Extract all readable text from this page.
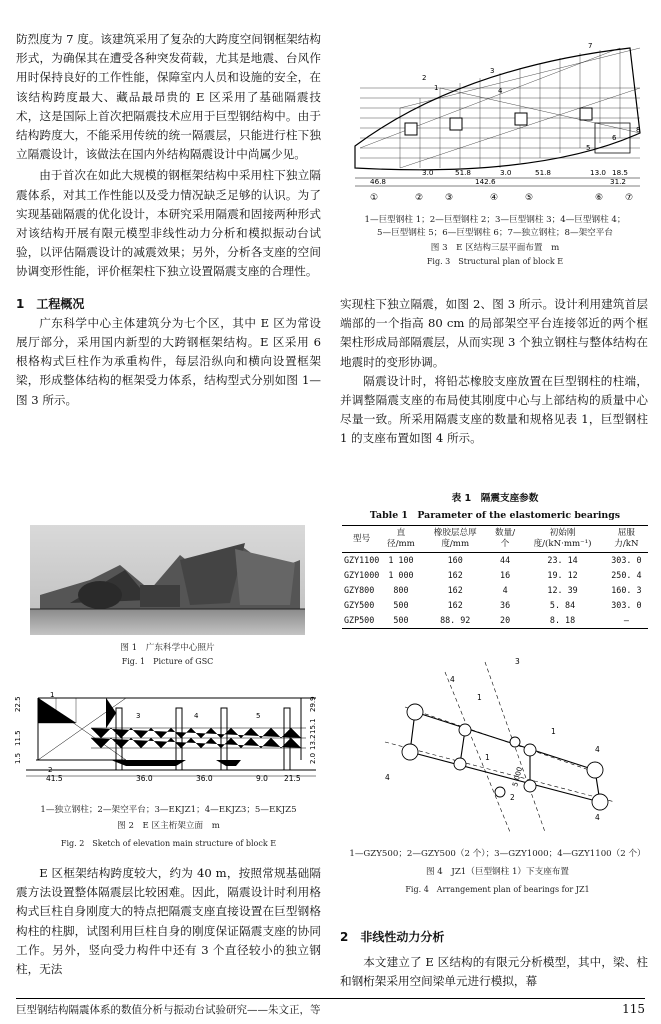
防烈度为 7 度。该建筑采用了复杂的大跨度空间钢框架结构形式，为确保其在遭受各种突发荷载，尤其是地震、台风作用时保持良好的工作性能，保障室内人员和设施的安全，在该结构跨度最大、藏品最昂贵的 E 区采用了基础隔震技术，这是国际上首次把隔震技术应用于巨型钢结构中。由于结构跨度大，不能采用传统的统一隔震层，只能进行柱下独立隔震设计，该做法在国内外结构隔震设计中尚属少见。

由于首次在如此大规模的钢框架结构中采用柱下独立隔震体系，对其工作性能以及受力情况缺乏足够的认识。为了实现基础隔震的优化设计，本研究采用隔震和固接两种形式对该结构开展有限元模型非线性动力分析和模拟振动台试验，以评估隔震设计的减震效果；另外，分析各支座的空间协调变形性能，评价框架柱下独立设置隔震支座的合理性。

1　工程概况

广东科学中心主体建筑分为七个区，其中 E 区为常设展厅部分，采用国内新型的大跨钢框架结构。E 区采用 6 根格构式巨柱作为承重构件，每层沿纵向和横向设置框架梁，形成整体结构的框架受力体系，结构型式分别如图 1—图 3 所示。

图 1　广东科学中心照片
Fig. 1　Picture of GSC
1
2
3	4	5
41.5	36.0	36.0	9.0 21.5
22.5
11.5
1.5
29.9
15.1
13.2
2.0
1—独立钢柱；2—架空平台；3—EKJZ1；4—EKJZ3；5—EKJZ5
图 2　E 区主桁架立面　m
Fig. 2　Sketch of elevation main structure of block E

E 区框架结构跨度较大，约为 40 m，按照常规基础隔震方法设置整体隔震层比较困难。因此，隔震设计时利用格构式巨柱自身刚度大的特点把隔震支座直接设置在巨型钢格构柱的柱脚，试图利用巨柱自身的刚度保证隔震支座的协同工作。另外，竖向受力构件中还有 3 个直径较小的独立钢柱，无法

1
2
3
4
5
6
7
8
46.8
3.0	51.8	3.0	51.8	13.0 18.5
142.6	31.2
①	② ③	④	⑤	⑥ ⑦
1—巨型钢柱 1；2—巨型钢柱 2；3—巨型钢柱 3；4—巨型钢柱 4；
5—巨型钢柱 5；6—巨型钢柱 6；7—独立钢柱；8—架空平台
图 3　E 区结构三层平面布置　m
Fig. 3　Structural plan of block E

实现柱下独立隔震，如图 2、图 3 所示。设计利用建筑首层端部的一个指高 80 cm 的局部架空平台连接邻近的两个框架柱形成局部隔震层，从而实现 3 个独立钢柱与整体结构在地震时的变形协调。

隔震设计时，将铅芯橡胶支座放置在巨型钢柱的柱端，并调整隔震支座的布局使其刚度中心与上部结构的质量中心尽量一致。所采用隔震支座的数量和规格见表 1，巨型钢柱 1 的支座布置如图 4 所示。

表 1　隔震支座参数
Table 1　Parameter of the elastomeric bearings
型号	直径/mm	橡胶层总厚度/mm	数量/个	初始刚度/(kN·mm⁻¹)	屈服力/kN
GZY1100	1 100	160	44	23. 14	303. 0
GZY1000	1 000	162	16	19. 12	250. 4
GZY800	800	162	4	12. 39	160. 3
GZY500	500	162	36	5. 84	303. 0
GZP500	500	88. 92	20	8. 18	—
4
1
3
1
4
4
1
2
4
5 000
1—GZY500；2—GZY500（2 个）；3—GZY1000；4—GZY1100（2 个）
图 4　JZ1（巨型钢柱 1）下支座布置
Fig. 4　Arrangement plan of bearings for JZ1

2　非线性动力分析

本文建立了 E 区结构的有限元分析模型，其中，梁、柱和钢桁架采用空间梁单元进行模拟，幕

巨型钢结构隔震体系的数值分析与振动台试验研究——朱文正，等	115
